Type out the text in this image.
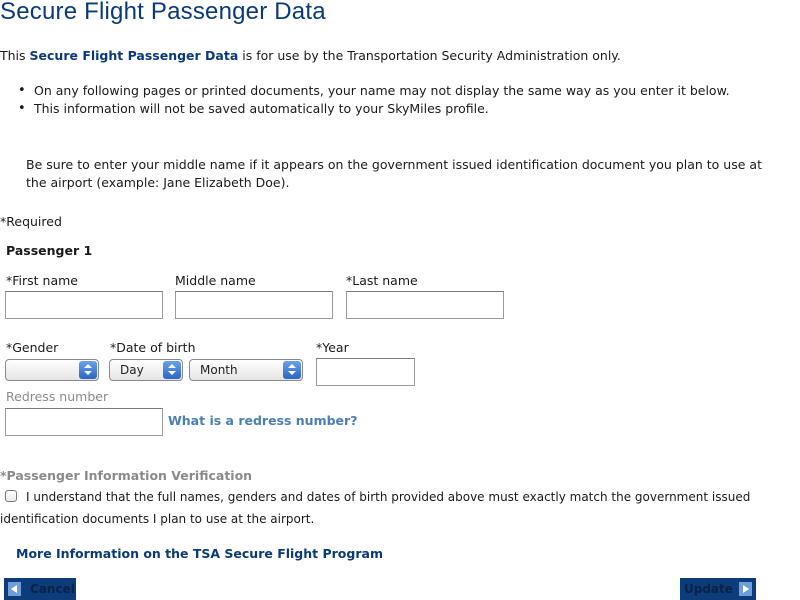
Secure Flight Passenger Data
This Secure Flight Passenger Data is for use by the Transportation Security Administration only.
• On any following pages or printed documents, your name may not display the same way as you enter it below.
• This information will not be saved automatically to your SkyMiles profile.
Be sure to enter your middle name if it appears on the government issued identification document you plan to use at the airport (example: Jane Elizabeth Doe).
*Required
Passenger 1
*First name	Middle name	*Last name
*Gender	*Date of birth
Day	Month
*Year
Redress number
What is a redress number?
*Passenger Information Verification
I understand that the full names, genders and dates of birth provided above must exactly match the government issued
identification documents I plan to use at the airport.
More Information on the TSA Secure Flight Program
Cancel	Update
